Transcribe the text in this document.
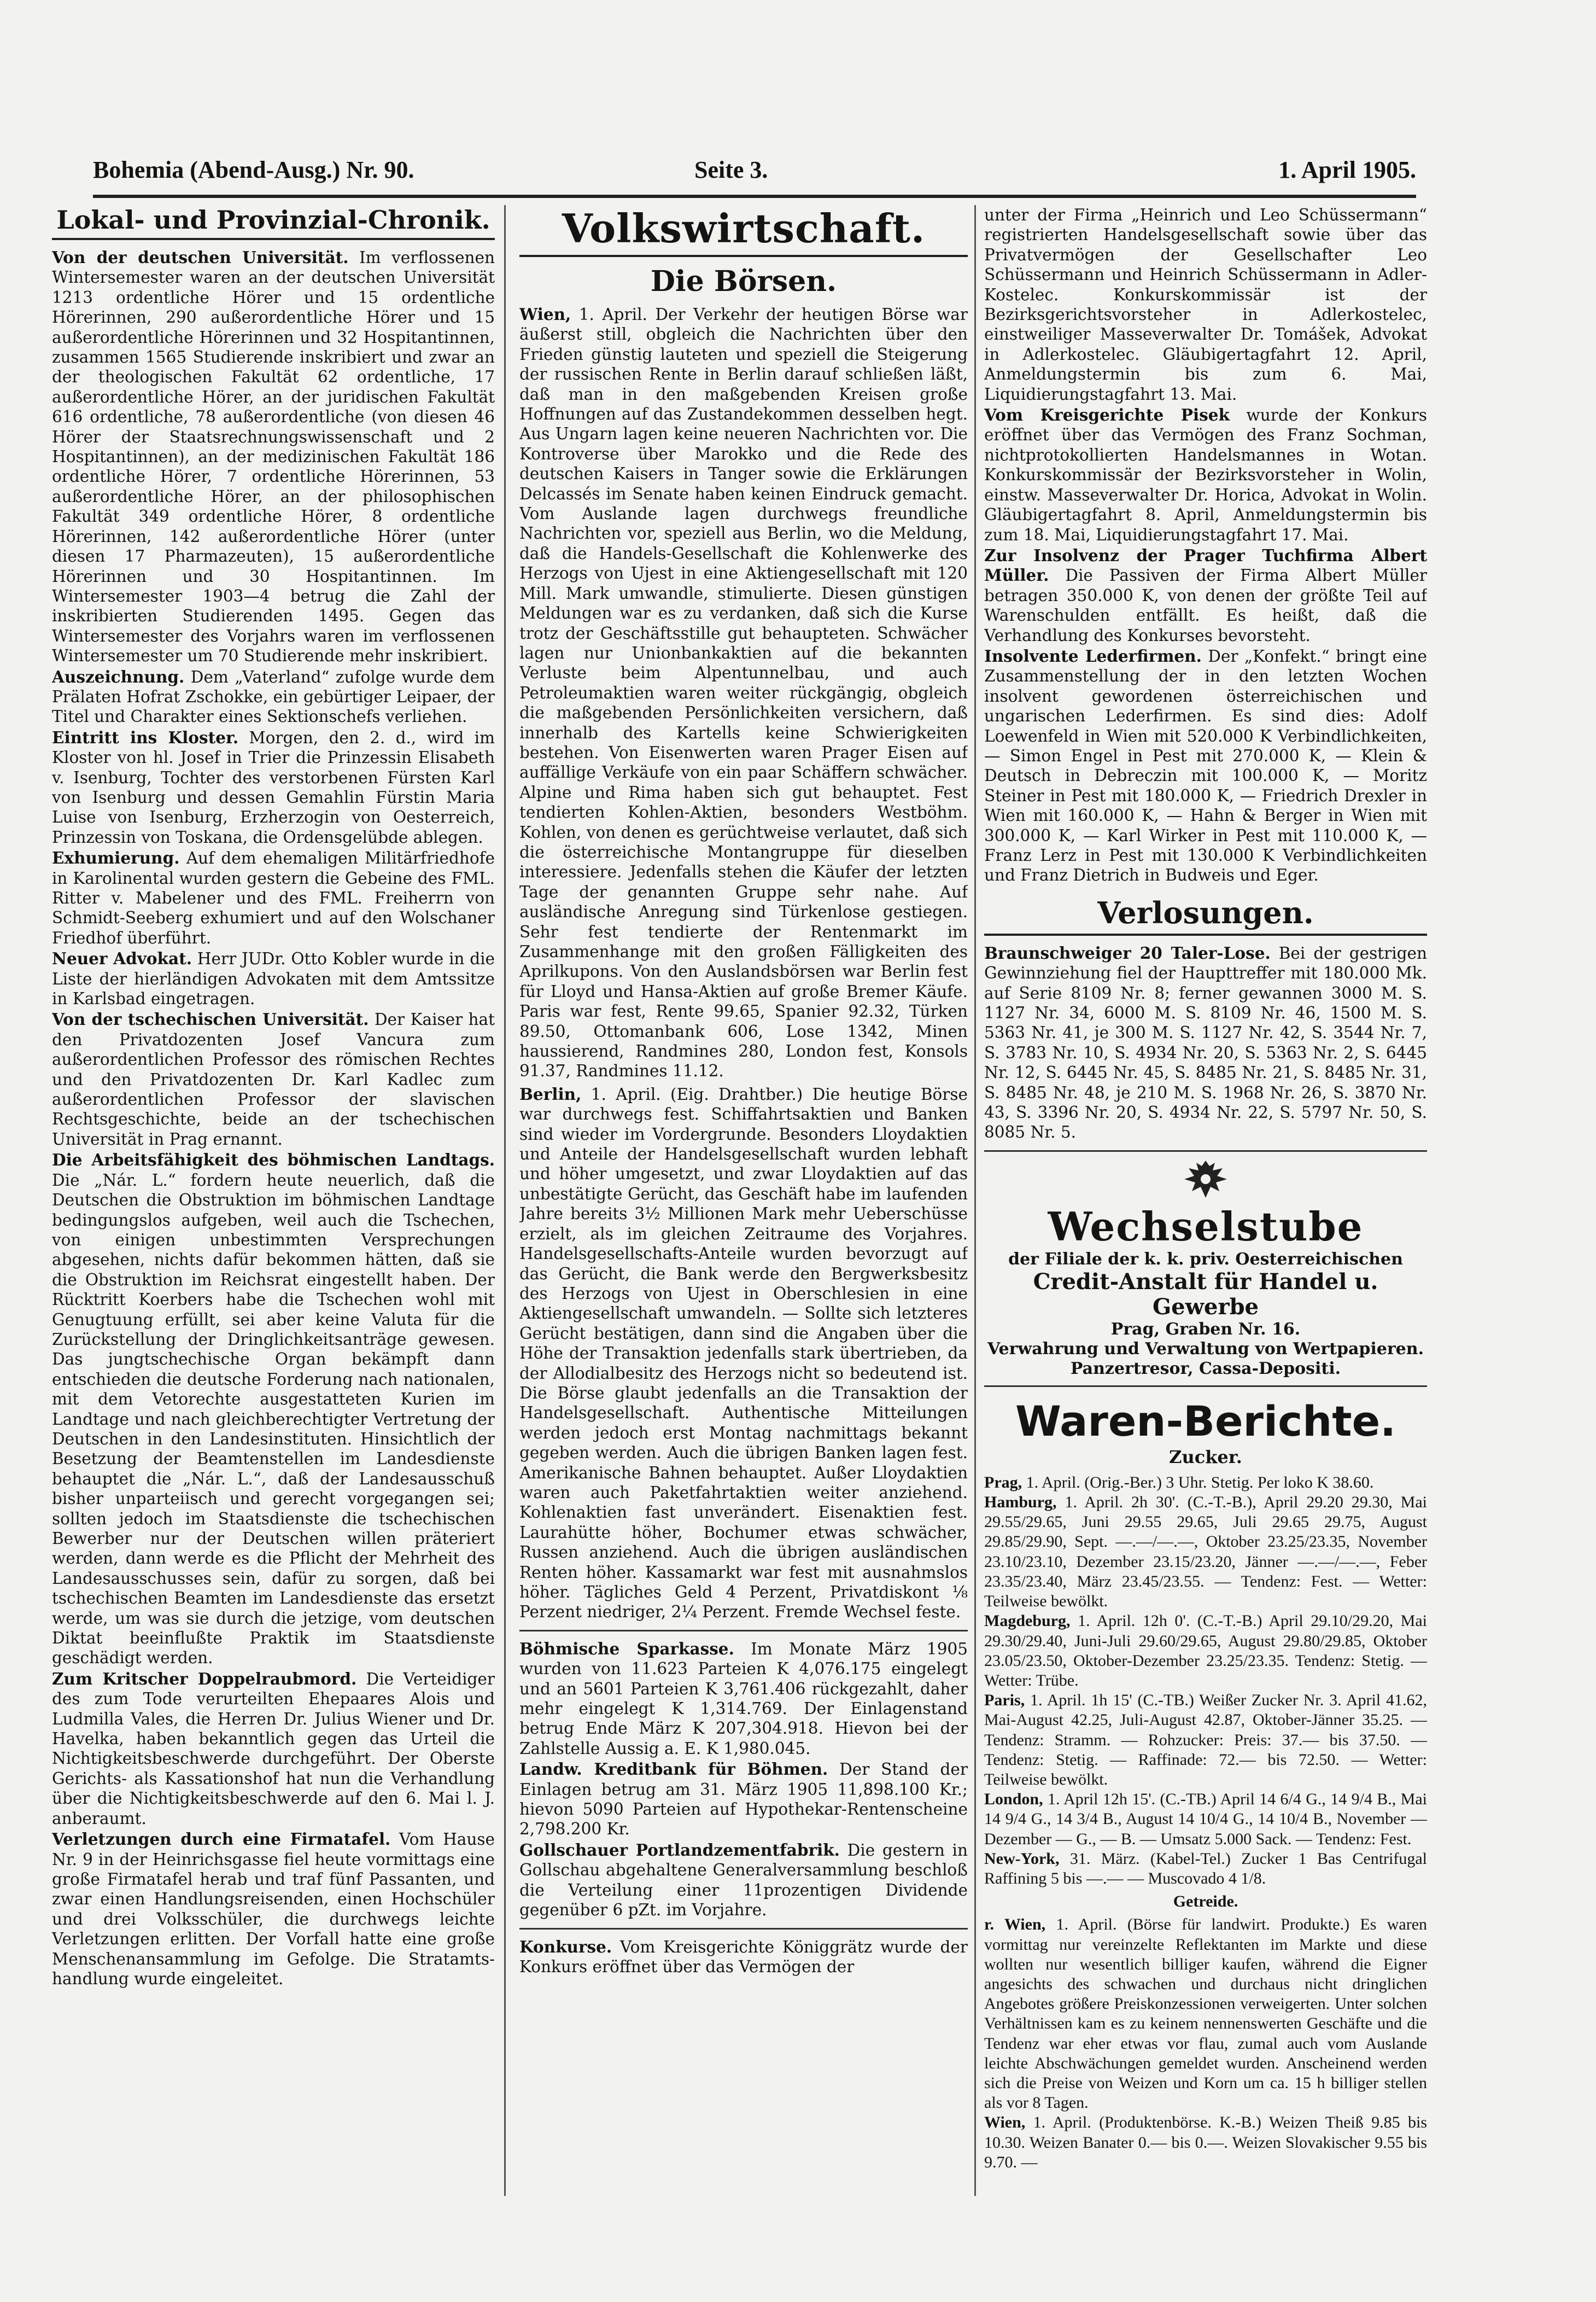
Bohemia (Abend-Ausg.) Nr. 90.	Seite 3.	1. April 1905.
Lokal- und Provinzial-Chronik.

Von der deutschen Universität. Im verflossenen Wintersemester waren an der deutschen Universität 1213 ordentliche Hörer und 15 ordentliche Hörerinnen, 290 außerordentliche Hörer und 15 außerordentliche Hörerinnen und 32 Hospitantinnen, zusammen 1565 Studierende inskribiert und zwar an der theologischen Fakultät 62 ordentliche, 17 außerordentliche Hörer, an der juridischen Fakultät 616 ordentliche, 78 außerordentliche (von diesen 46 Hörer der Staatsrechnungswissenschaft und 2 Hospitantinnen), an der medizinischen Fakultät 186 ordentliche Hörer, 7 ordentliche Hörerinnen, 53 außerordentliche Hörer, an der philosophischen Fakultät 349 ordentliche Hörer, 8 ordentliche Hörerinnen, 142 außerordentliche Hörer (unter diesen 17 Pharmazeuten), 15 außerordentliche Hörerinnen und 30 Hospitantinnen. Im Wintersemester 1903—4 betrug die Zahl der inskribierten Studierenden 1495. Gegen das Wintersemester des Vorjahrs waren im verflossenen Wintersemester um 70 Studierende mehr inskribiert.

Auszeichnung. Dem „Vaterland“ zufolge wurde dem Prälaten Hofrat Zschokke, ein gebürtiger Leipaer, der Titel und Charakter eines Sektionschefs verliehen.

Eintritt ins Kloster. Morgen, den 2. d., wird im Kloster von hl. Josef in Trier die Prinzessin Elisabeth v. Isenburg, Tochter des verstorbenen Fürsten Karl von Isenburg und dessen Gemahlin Fürstin Maria Luise von Isenburg, Erzherzogin von Oesterreich, Prinzessin von Toskana, die Ordensgelübde ablegen.

Exhumierung. Auf dem ehemaligen Militärfriedhofe in Karolinental wurden gestern die Gebeine des FML. Ritter v. Mabelener und des FML. Freiherrn von Schmidt-Seeberg exhumiert und auf den Wolschaner Friedhof überführt.

Neuer Advokat. Herr JUDr. Otto Kobler wurde in die Liste der hierländigen Advokaten mit dem Amtssitze in Karlsbad eingetragen.

Von der tschechischen Universität. Der Kaiser hat den Privatdozenten Josef Vancura zum außerordentlichen Professor des römischen Rechtes und den Privatdozenten Dr. Karl Kadlec zum außerordentlichen Professor der slavischen Rechtsgeschichte, beide an der tschechischen Universität in Prag ernannt.

Die Arbeitsfähigkeit des böhmischen Landtags. Die „Nár. L.“ fordern heute neuerlich, daß die Deutschen die Obstruktion im böhmischen Landtage bedingungslos aufgeben, weil auch die Tschechen, von einigen unbestimmten Versprechungen abgesehen, nichts dafür bekommen hätten, daß sie die Obstruktion im Reichsrat eingestellt haben. Der Rücktritt Koerbers habe die Tschechen wohl mit Genugtuung erfüllt, sei aber keine Valuta für die Zurückstellung der Dringlichkeitsanträge gewesen. Das jungtschechische Organ bekämpft dann entschieden die deutsche Forderung nach nationalen, mit dem Vetorechte ausgestatteten Kurien im Landtage und nach gleichberechtigter Vertretung der Deutschen in den Landesinstituten. Hinsichtlich der Besetzung der Beamtenstellen im Landesdienste behauptet die „Nár. L.“, daß der Landesausschuß bisher unparteiisch und gerecht vorgegangen sei; sollten jedoch im Staatsdienste die tschechischen Bewerber nur der Deutschen willen präteriert werden, dann werde es die Pflicht der Mehrheit des Landesausschusses sein, dafür zu sorgen, daß bei tschechischen Beamten im Landesdienste das ersetzt werde, um was sie durch die jetzige, vom deutschen Diktat beeinflußte Praktik im Staatsdienste geschädigt werden.

Zum Kritscher Doppelraubmord. Die Verteidiger des zum Tode verurteilten Ehepaares Alois und Ludmilla Vales, die Herren Dr. Julius Wiener und Dr. Havelka, haben bekanntlich gegen das Urteil die Nichtigkeitsbeschwerde durchgeführt. Der Oberste Gerichts- als Kassationshof hat nun die Verhandlung über die Nichtigkeitsbeschwerde auf den 6. Mai l. J. anberaumt.

Verletzungen durch eine Firmatafel. Vom Hause Nr. 9 in der Heinrichsgasse fiel heute vormittags eine große Firmatafel herab und traf fünf Passanten, und zwar einen Handlungsreisenden, einen Hochschüler und drei Volksschüler, die durchwegs leichte Verletzungen erlitten. Der Vorfall hatte eine große Menschenansammlung im Gefolge. Die Stratamts-handlung wurde eingeleitet.

Volkswirtschaft.
Die Börsen.

Wien, 1. April. Der Verkehr der heutigen Börse war äußerst still, obgleich die Nachrichten über den Frieden günstig lauteten und speziell die Steigerung der russischen Rente in Berlin darauf schließen läßt, daß man in den maßgebenden Kreisen große Hoffnungen auf das Zustandekommen desselben hegt. Aus Ungarn lagen keine neueren Nachrichten vor. Die Kontroverse über Marokko und die Rede des deutschen Kaisers in Tanger sowie die Erklärungen Delcassés im Senate haben keinen Eindruck gemacht. Vom Auslande lagen durchwegs freundliche Nachrichten vor, speziell aus Berlin, wo die Meldung, daß die Handels-Gesellschaft die Kohlenwerke des Herzogs von Ujest in eine Aktiengesellschaft mit 120 Mill. Mark umwandle, stimulierte. Diesen günstigen Meldungen war es zu verdanken, daß sich die Kurse trotz der Geschäftsstille gut behaupteten. Schwächer lagen nur Unionbankaktien auf die bekannten Verluste beim Alpentunnelbau, und auch Petroleumaktien waren weiter rückgängig, obgleich die maßgebenden Persönlichkeiten versichern, daß innerhalb des Kartells keine Schwierigkeiten bestehen. Von Eisenwerten waren Prager Eisen auf auffällige Verkäufe von ein paar Schäffern schwächer. Alpine und Rima haben sich gut behauptet. Fest tendierten Kohlen-Aktien, besonders Westböhm. Kohlen, von denen es gerüchtweise verlautet, daß sich die österreichische Montangruppe für dieselben interessiere. Jedenfalls stehen die Käufer der letzten Tage der genannten Gruppe sehr nahe. Auf ausländische Anregung sind Türkenlose gestiegen. Sehr fest tendierte der Rentenmarkt im Zusammenhange mit den großen Fälligkeiten des Aprilkupons. Von den Auslandsbörsen war Berlin fest für Lloyd und Hansa-Aktien auf große Bremer Käufe. Paris war fest, Rente 99.65, Spanier 92.32, Türken 89.50, Ottomanbank 606, Lose 1342, Minen haussierend, Randmines 280, London fest, Konsols 91.37, Randmines 11.12.

Berlin, 1. April. (Eig. Drahtber.) Die heutige Börse war durchwegs fest. Schiffahrtsaktien und Banken sind wieder im Vordergrunde. Besonders Lloydaktien und Anteile der Handelsgesellschaft wurden lebhaft und höher umgesetzt, und zwar Lloydaktien auf das unbestätigte Gerücht, das Geschäft habe im laufenden Jahre bereits 3½ Millionen Mark mehr Ueberschüsse erzielt, als im gleichen Zeitraume des Vorjahres. Handelsgesellschafts-Anteile wurden bevorzugt auf das Gerücht, die Bank werde den Bergwerksbesitz des Herzogs von Ujest in Oberschlesien in eine Aktiengesellschaft umwandeln. — Sollte sich letzteres Gerücht bestätigen, dann sind die Angaben über die Höhe der Transaktion jedenfalls stark übertrieben, da der Allodialbesitz des Herzogs nicht so bedeutend ist. Die Börse glaubt jedenfalls an die Transaktion der Handelsgesellschaft. Authentische Mitteilungen werden jedoch erst Montag nachmittags bekannt gegeben werden. Auch die übrigen Banken lagen fest. Amerikanische Bahnen behauptet. Außer Lloydaktien waren auch Paketfahrtaktien weiter anziehend. Kohlenaktien fast unverändert. Eisenaktien fest. Laurahütte höher, Bochumer etwas schwächer, Russen anziehend. Auch die übrigen ausländischen Renten höher. Kassamarkt war fest mit ausnahmslos höher. Tägliches Geld 4 Perzent, Privatdiskont ⅛ Perzent niedriger, 2¼ Perzent. Fremde Wechsel feste.

Böhmische Sparkasse. Im Monate März 1905 wurden von 11.623 Parteien K 4,076.175 eingelegt und an 5601 Parteien K 3,761.406 rückgezahlt, daher mehr eingelegt K 1,314.769. Der Einlagenstand betrug Ende März K 207,304.918. Hievon bei der Zahlstelle Aussig a. E. K 1,980.045.

Landw. Kreditbank für Böhmen. Der Stand der Einlagen betrug am 31. März 1905 11,898.100 Kr.; hievon 5090 Parteien auf Hypothekar-Rentenscheine 2,798.200 Kr.

Gollschauer Portlandzementfabrik. Die gestern in Gollschau abgehaltene Generalversammlung beschloß die Verteilung einer 11prozentigen Dividende gegenüber 6 pZt. im Vorjahre.

Konkurse. Vom Kreisgerichte Königgrätz wurde der Konkurs eröffnet über das Vermögen der

unter der Firma „Heinrich und Leo Schüssermann“ registrierten Handelsgesellschaft sowie über das Privatvermögen der Gesellschafter Leo Schüssermann und Heinrich Schüssermann in Adler-Kostelec. Konkurskommissär ist der Bezirksgerichtsvorsteher in Adlerkostelec, einstweiliger Masseverwalter Dr. Tomášek, Advokat in Adlerkostelec. Gläubigertagfahrt 12. April, Anmeldungstermin bis zum 6. Mai, Liquidierungstagfahrt 13. Mai.

Vom Kreisgerichte Pisek wurde der Konkurs eröffnet über das Vermögen des Franz Sochman, nichtprotokollierten Handelsmannes in Wotan. Konkurskommissär der Bezirksvorsteher in Wolin, einstw. Masseverwalter Dr. Horica, Advokat in Wolin. Gläubigertagfahrt 8. April, Anmeldungstermin bis zum 18. Mai, Liquidierungstagfahrt 17. Mai.

Zur Insolvenz der Prager Tuchfirma Albert Müller. Die Passiven der Firma Albert Müller betragen 350.000 K, von denen der größte Teil auf Warenschulden entfällt. Es heißt, daß die Verhandlung des Konkurses bevorsteht.

Insolvente Lederfirmen. Der „Konfekt.“ bringt eine Zusammenstellung der in den letzten Wochen insolvent gewordenen österreichischen und ungarischen Lederfirmen. Es sind dies: Adolf Loewenfeld in Wien mit 520.000 K Verbindlichkeiten, — Simon Engel in Pest mit 270.000 K, — Klein & Deutsch in Debreczin mit 100.000 K, — Moritz Steiner in Pest mit 180.000 K, — Friedrich Drexler in Wien mit 160.000 K, — Hahn & Berger in Wien mit 300.000 K, — Karl Wirker in Pest mit 110.000 K, — Franz Lerz in Pest mit 130.000 K Verbindlichkeiten und Franz Dietrich in Budweis und Eger.

Verlosungen.

Braunschweiger 20 Taler-Lose. Bei der gestrigen Gewinnziehung fiel der Haupttreffer mit 180.000 Mk. auf Serie 8109 Nr. 8; ferner gewannen 3000 M. S. 1127 Nr. 34, 6000 M. S. 8109 Nr. 46, 1500 M. S. 5363 Nr. 41, je 300 M. S. 1127 Nr. 42, S. 3544 Nr. 7, S. 3783 Nr. 10, S. 4934 Nr. 20, S. 5363 Nr. 2, S. 6445 Nr. 12, S. 6445 Nr. 45, S. 8485 Nr. 21, S. 8485 Nr. 31, S. 8485 Nr. 48, je 210 M. S. 1968 Nr. 26, S. 3870 Nr. 43, S. 3396 Nr. 20, S. 4934 Nr. 22, S. 5797 Nr. 50, S. 8085 Nr. 5.

Wechselstube
der Filiale der k. k. priv. Oesterreichischen
Credit-Anstalt für Handel u. Gewerbe
Prag, Graben Nr. 16.
Verwahrung und Verwaltung von Wertpapieren.
Panzertresor, Cassa-Depositi.
Waren-Berichte.
Zucker.

Prag, 1. April. (Orig.-Ber.) 3 Uhr. Stetig. Per loko K 38.60.

Hamburg, 1. April. 2h 30'. (C.-T.-B.), April 29.20 29.30, Mai 29.55/29.65, Juni 29.55 29.65, Juli 29.65 29.75, August 29.85/29.90, Sept. —.—/—.—, Oktober 23.25/23.35, November 23.10/23.10, Dezember 23.15/23.20, Jänner —.—/—.—, Feber 23.35/23.40, März 23.45/23.55. — Tendenz: Fest. — Wetter: Teilweise bewölkt.

Magdeburg, 1. April. 12h 0'. (C.-T.-B.) April 29.10/29.20, Mai 29.30/29.40, Juni-Juli 29.60/29.65, August 29.80/29.85, Oktober 23.05/23.50, Oktober-Dezember 23.25/23.35. Tendenz: Stetig. — Wetter: Trübe.

Paris, 1. April. 1h 15' (C.-TB.) Weißer Zucker Nr. 3. April 41.62, Mai-August 42.25, Juli-August 42.87, Oktober-Jänner 35.25. — Tendenz: Stramm. — Rohzucker: Preis: 37.— bis 37.50. — Tendenz: Stetig. — Raffinade: 72.— bis 72.50. — Wetter: Teilweise bewölkt.

London, 1. April 12h 15'. (C.-TB.) April 14 6/4 G., 14 9/4 B., Mai 14 9/4 G., 14 3/4 B., August 14 10/4 G., 14 10/4 B., November — Dezember — G., — B. — Umsatz 5.000 Sack. — Tendenz: Fest.

New-York, 31. März. (Kabel-Tel.) Zucker 1 Bas Centrifugal Raffining 5 bis —.— — Muscovado 4 1/8.

Getreide.

r. Wien, 1. April. (Börse für landwirt. Produkte.) Es waren vormittag nur vereinzelte Reflektanten im Markte und diese wollten nur wesentlich billiger kaufen, während die Eigner angesichts des schwachen und durchaus nicht dringlichen Angebotes größere Preiskonzessionen verweigerten. Unter solchen Verhältnissen kam es zu keinem nennenswerten Geschäfte und die Tendenz war eher etwas vor flau, zumal auch vom Auslande leichte Abschwächungen gemeldet wurden. Anscheinend werden sich die Preise von Weizen und Korn um ca. 15 h billiger stellen als vor 8 Tagen.

Wien, 1. April. (Produktenbörse. K.-B.) Weizen Theiß 9.85 bis 10.30. Weizen Banater 0.— bis 0.—. Weizen Slovakischer 9.55 bis 9.70. —
